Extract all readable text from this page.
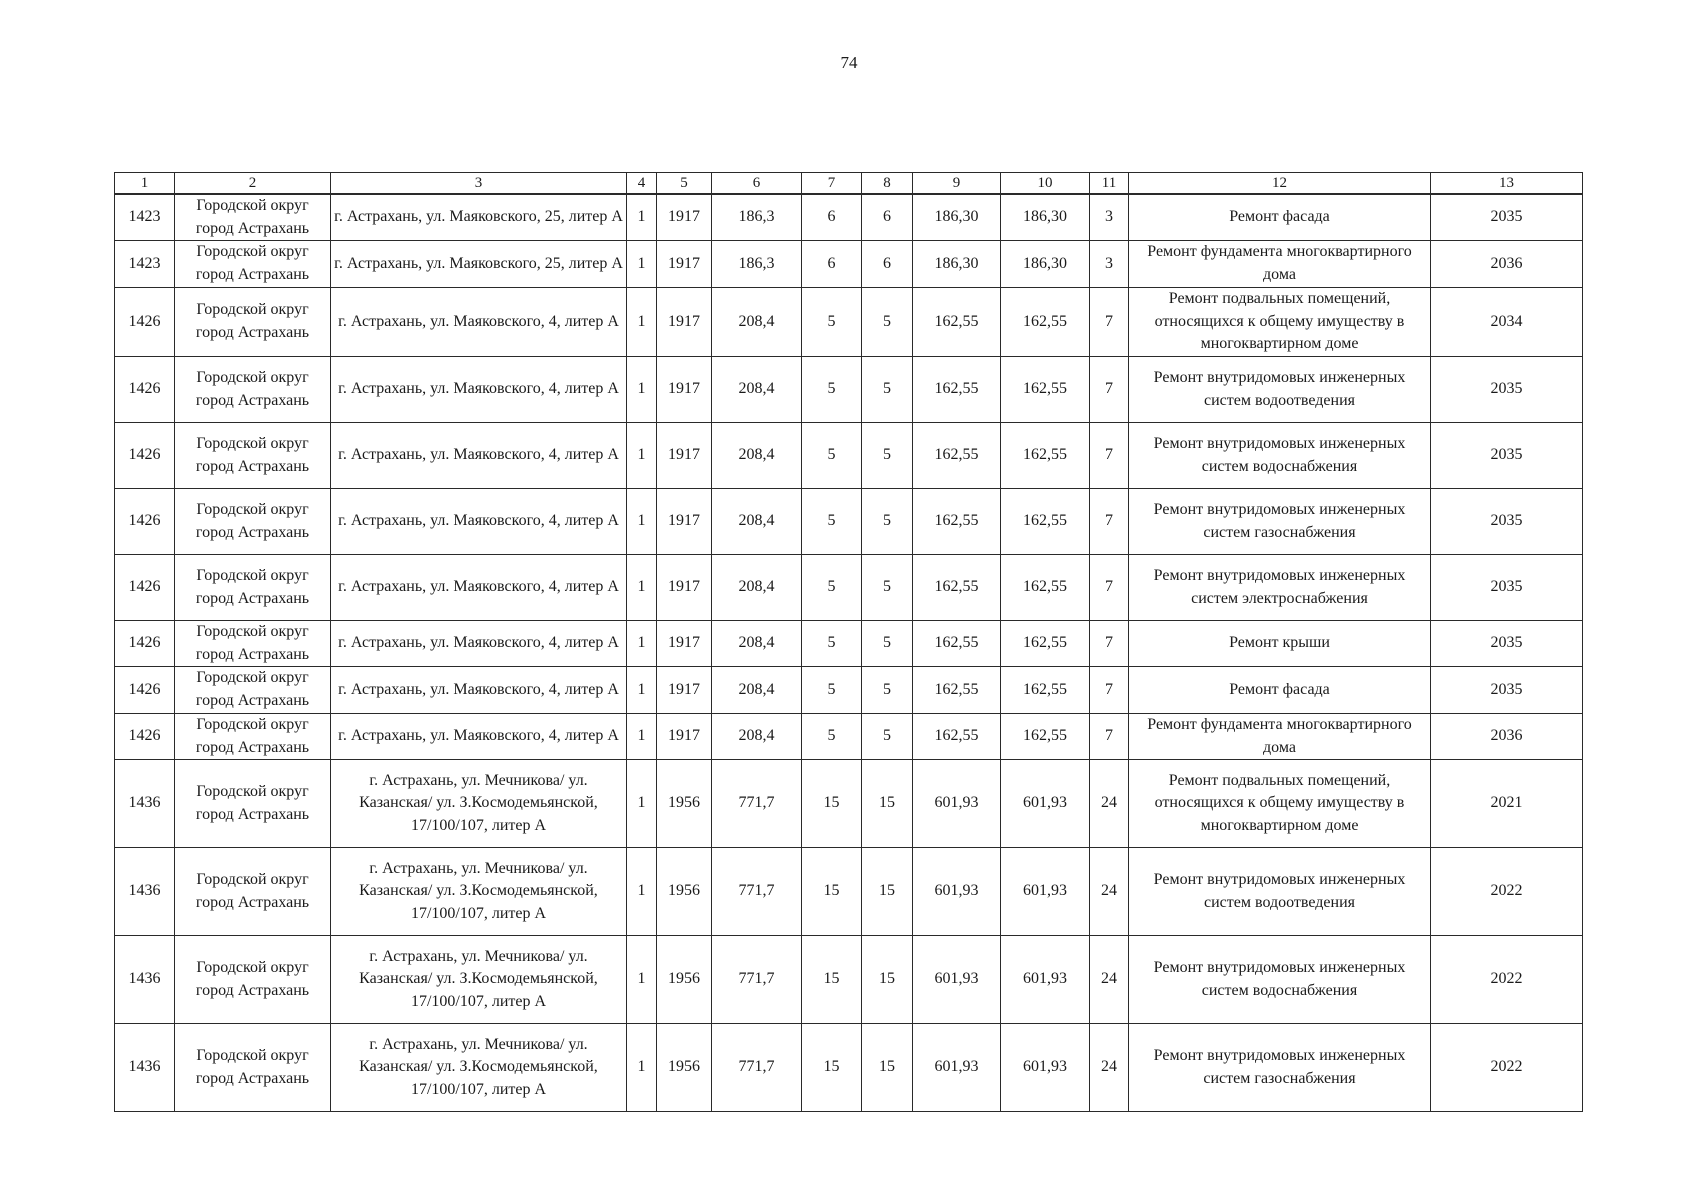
74
1	2	3	4	5	6	7	8	9	10	11	12	13
1423	Городской округ город Астрахань	г. Астрахань, ул. Маяковского, 25, литер А	1	1917	186,3	6	6	186,30	186,30	3	Ремонт фасада	2035
1423	Городской округ город Астрахань	г. Астрахань, ул. Маяковского, 25, литер А	1	1917	186,3	6	6	186,30	186,30	3	Ремонт фундамента многоквартирного дома	2036
1426	Городской округ город Астрахань	г. Астрахань, ул. Маяковского, 4, литер А	1	1917	208,4	5	5	162,55	162,55	7	Ремонт подвальных помещений, относящихся к общему имуществу в многоквартирном доме	2034
1426	Городской округ город Астрахань	г. Астрахань, ул. Маяковского, 4, литер А	1	1917	208,4	5	5	162,55	162,55	7	Ремонт внутридомовых инженерных систем водоотведения	2035
1426	Городской округ город Астрахань	г. Астрахань, ул. Маяковского, 4, литер А	1	1917	208,4	5	5	162,55	162,55	7	Ремонт внутридомовых инженерных систем водоснабжения	2035
1426	Городской округ город Астрахань	г. Астрахань, ул. Маяковского, 4, литер А	1	1917	208,4	5	5	162,55	162,55	7	Ремонт внутридомовых инженерных систем газоснабжения	2035
1426	Городской округ город Астрахань	г. Астрахань, ул. Маяковского, 4, литер А	1	1917	208,4	5	5	162,55	162,55	7	Ремонт внутридомовых инженерных систем электроснабжения	2035
1426	Городской округ город Астрахань	г. Астрахань, ул. Маяковского, 4, литер А	1	1917	208,4	5	5	162,55	162,55	7	Ремонт крыши	2035
1426	Городской округ город Астрахань	г. Астрахань, ул. Маяковского, 4, литер А	1	1917	208,4	5	5	162,55	162,55	7	Ремонт фасада	2035
1426	Городской округ город Астрахань	г. Астрахань, ул. Маяковского, 4, литер А	1	1917	208,4	5	5	162,55	162,55	7	Ремонт фундамента многоквартирного дома	2036
1436	Городской округ город Астрахань	г. Астрахань, ул. Мечникова/ ул. Казанская/ ул. З.Космодемьянской, 17/100/107, литер А	1	1956	771,7	15	15	601,93	601,93	24	Ремонт подвальных помещений, относящихся к общему имуществу в многоквартирном доме	2021
1436	Городской округ город Астрахань	г. Астрахань, ул. Мечникова/ ул. Казанская/ ул. З.Космодемьянской, 17/100/107, литер А	1	1956	771,7	15	15	601,93	601,93	24	Ремонт внутридомовых инженерных систем водоотведения	2022
1436	Городской округ город Астрахань	г. Астрахань, ул. Мечникова/ ул. Казанская/ ул. З.Космодемьянской, 17/100/107, литер А	1	1956	771,7	15	15	601,93	601,93	24	Ремонт внутридомовых инженерных систем водоснабжения	2022
1436	Городской округ город Астрахань	г. Астрахань, ул. Мечникова/ ул. Казанская/ ул. З.Космодемьянской, 17/100/107, литер А	1	1956	771,7	15	15	601,93	601,93	24	Ремонт внутридомовых инженерных систем газоснабжения	2022
